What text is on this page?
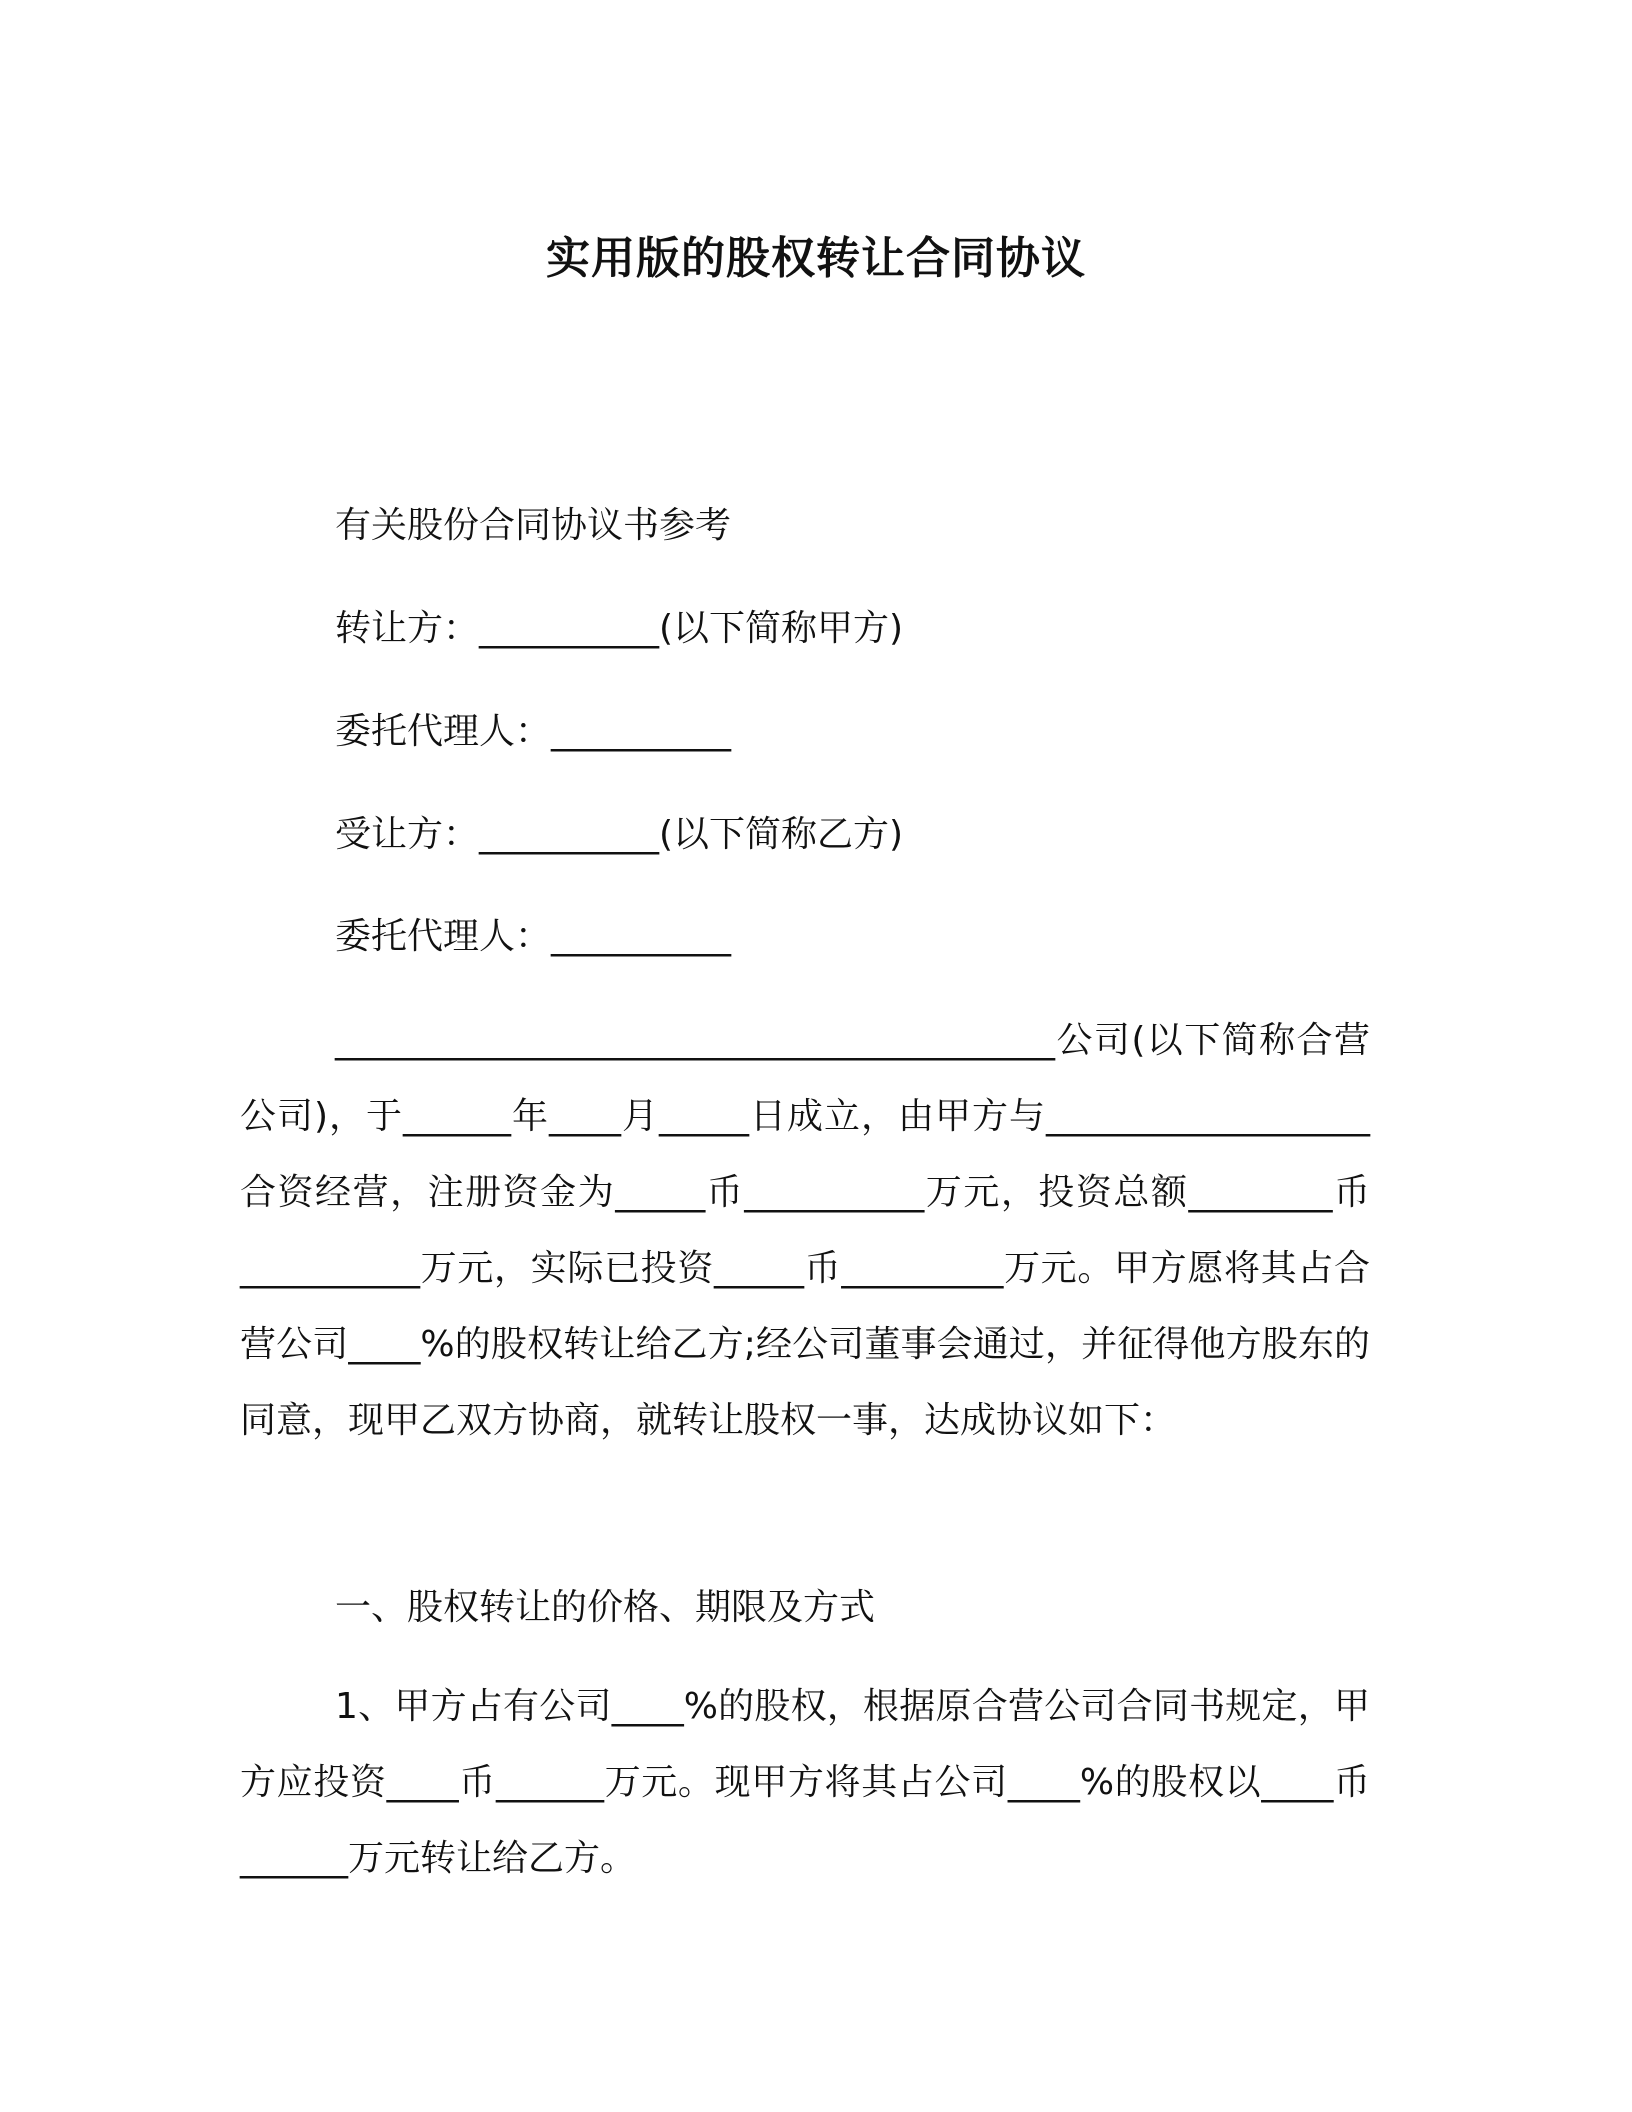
实用版的股权转让合同协议

有关股份合同协议书参考

转让方：__________(以下简称甲方)

委托代理人：__________

受让方：__________(以下简称乙方)

委托代理人：__________

________________________________________公司(以下简称合营公司)，于______年____月_____日成立，由甲方与__________________合资经营，注册资金为_____币__________万元，投资总额________币__________万元，实际已投资_____币_________万元。甲方愿将其占合营公司____%的股权转让给乙方;经公司董事会通过，并征得他方股东的同意，现甲乙双方协商，就转让股权一事，达成协议如下：

一、股权转让的价格、期限及方式

1、甲方占有公司____%的股权，根据原合营公司合同书规定，甲方应投资____币______万元。现甲方将其占公司____%的股权以____币______万元转让给乙方。
